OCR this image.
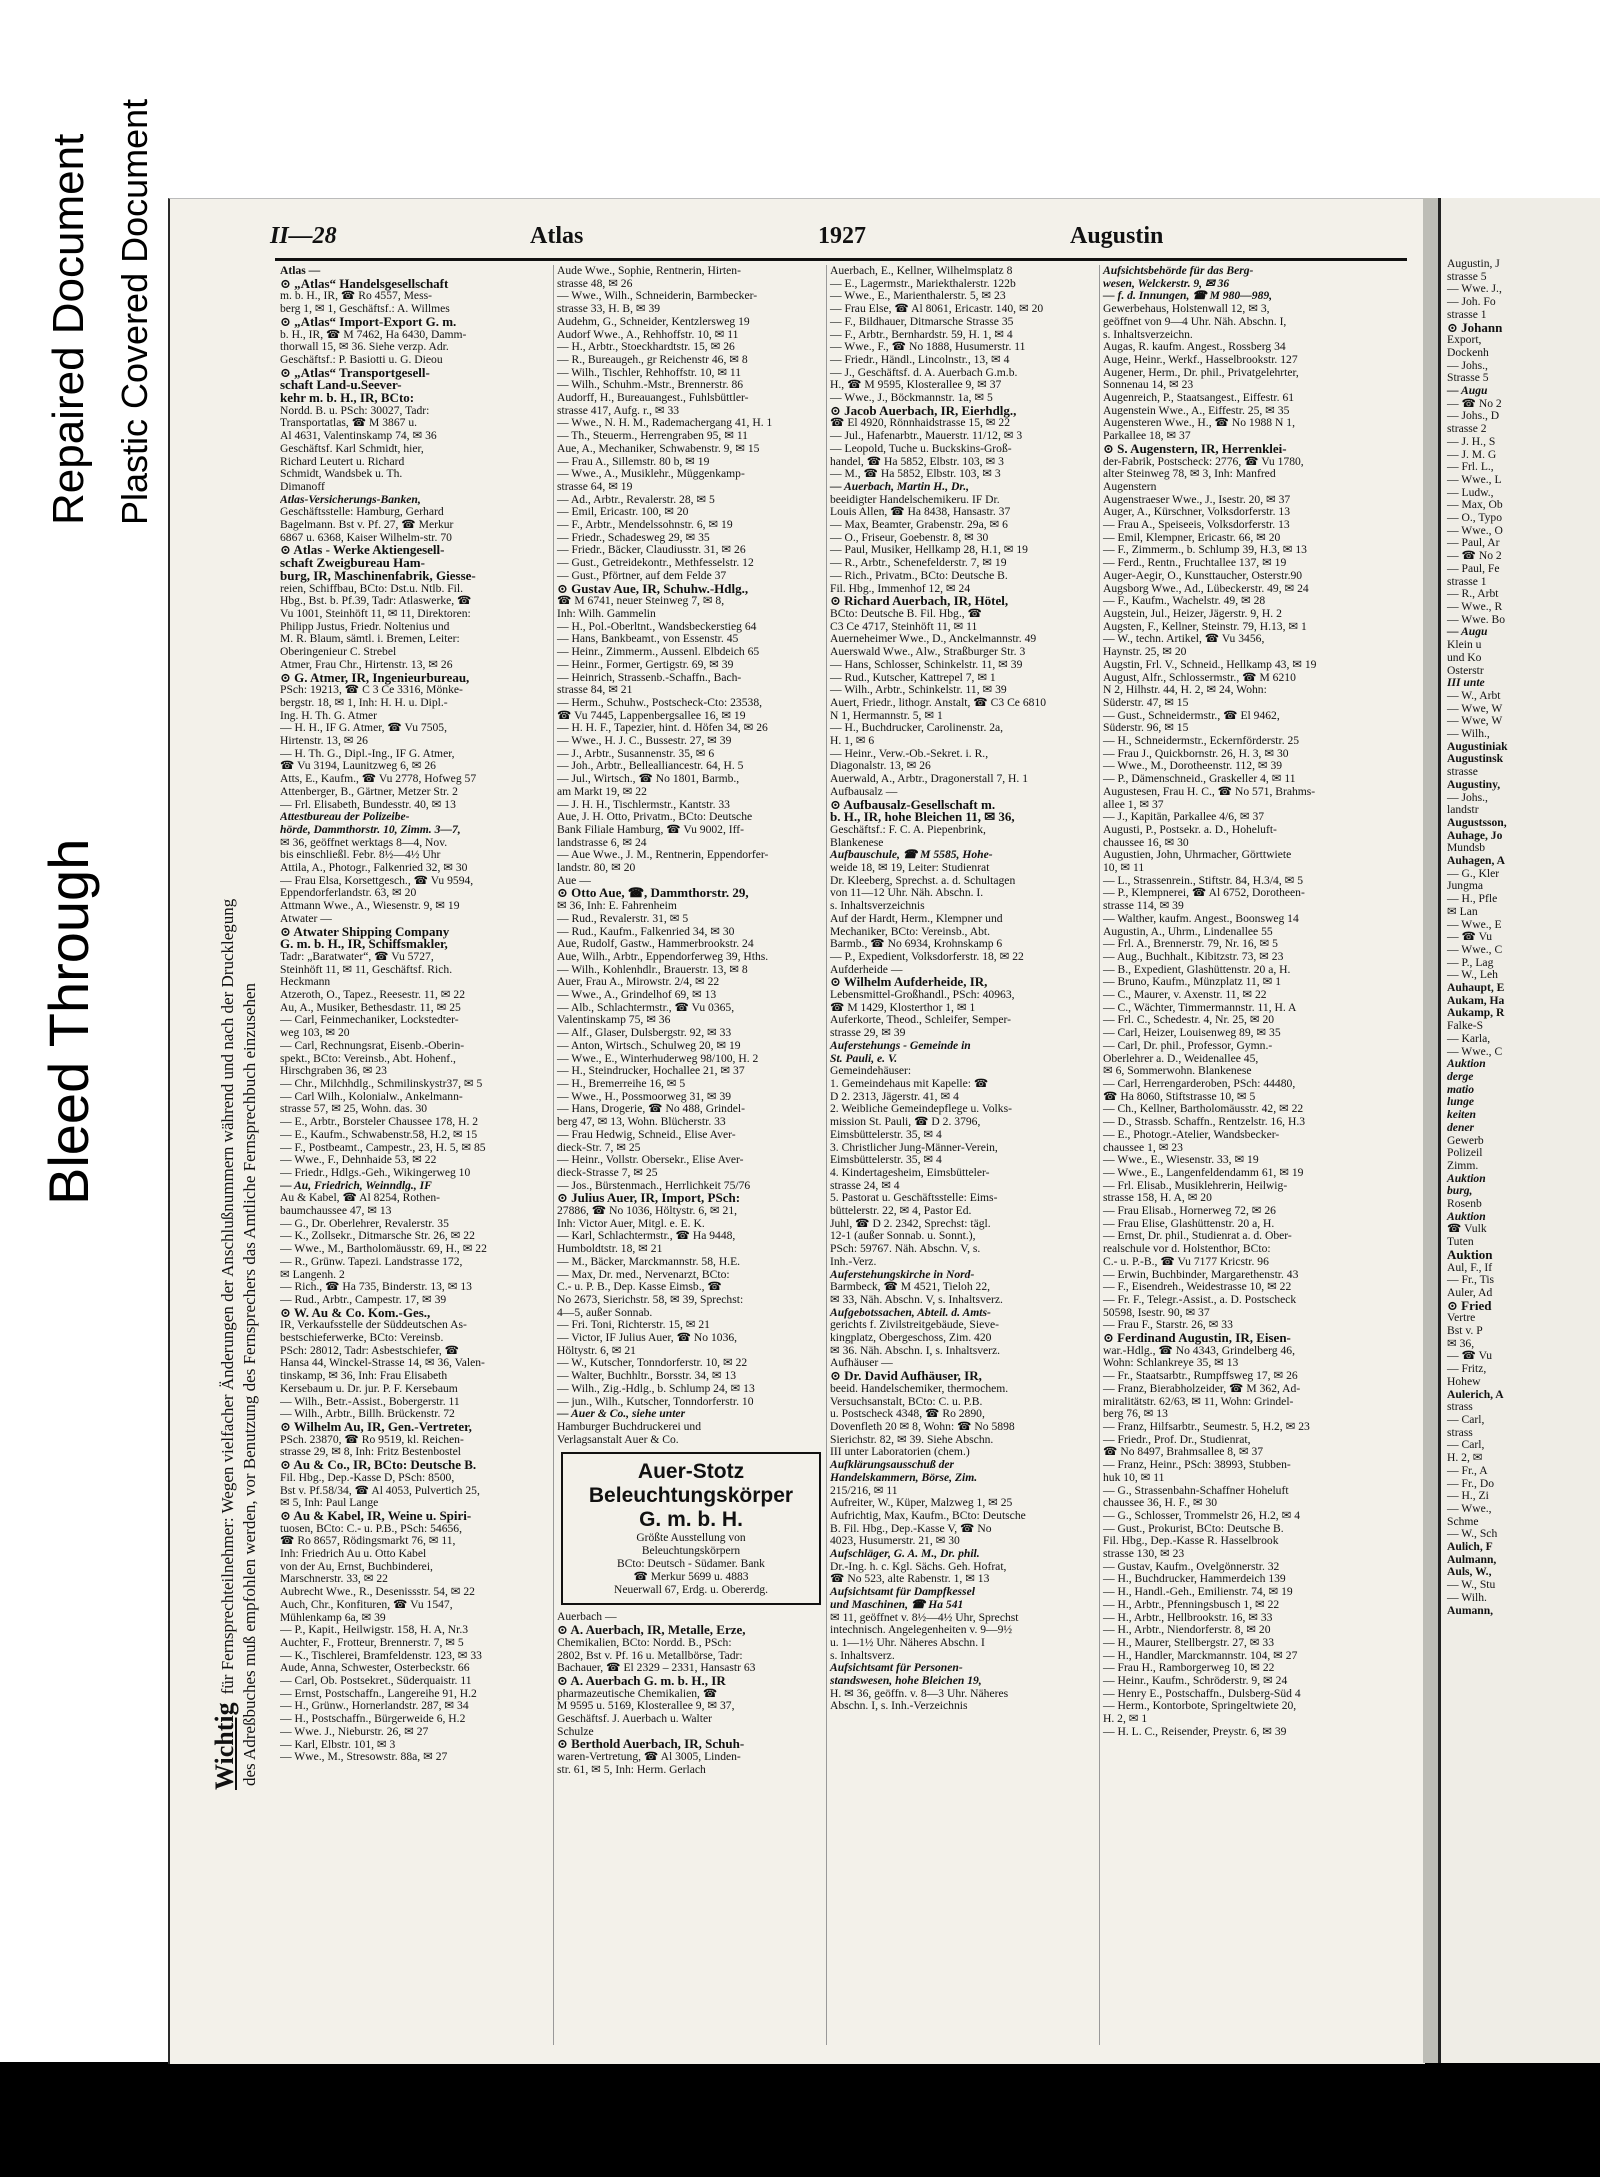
Bleed Through
Repaired Document Plastic Covered Document	Augustin, J
strasse 5
— Wwe. J.,
— Joh. Fo
strasse 1
⊙ Johann
Export,
Dockenh
— Johs.,
Strasse 5
— Augu
— ☎ No 2
— Johs., D
strasse 2
— J. H., S
— J. M. G
— Frl. L.,
— Wwe., L
— Ludw.,
— Max, Ob
— O., Typo
— Wwe., O
— Paul, Ar
— ☎ No 2
— Paul, Fe
strasse 1
— R., Arbt
— Wwe., R
— Wwe. Bo
— Augu
Klein u
und Ko
Osterstr
III unte
— W., Arbt
— Wwe, W
— Wwe, W
— Wilh.,
Augustiniak
Augustinsk
strasse
Augustiny,
— Johs.,
landstr
Augustsson,
Auhage, Jo
Mundsb
Auhagen, A
— G., Kler
Jungma
— H., Pfle
✉ Lan
— Wwe., E
— ☎ Vu
— Wwe., C
— P., Lag
— W., Leh
Auhaupt, E
Aukam, Ha
Aukamp, R
Falke-S
— Karla,
— Wwe., C
Auktion
derge
matio
lunge
keiten
dener
Gewerb
Polizeil
Zimm.
Auktion
burg,
Rosenb
Auktion
☎ Vulk
Tuten
Auktion
Aul, F., If
— Fr., Tis
Auler, Ad
⊙ Fried
Vertre
Bst v. P
✉ 36,
— ☎ Vu
— Fritz,
Hohew
Aulerich, A
strass
— Carl,
strass
— Carl,
H. 2, ✉
— Fr., A
— Fr., Do
— H., Zi
— Wwe.,
Schme
— W., Sch
Aulich, F
Aulmann,
Auls, W.,
— W., Stu
— Wilh.
Aumann,
Wichtigfür Fernsprechteilnehmer: Wegen vielfacher Änderungen der Anschlußnummern während und nach der Drucklegung des Adreßbuches muß empfohlen werden, vor Benutzung des Fernsprechers das Amtliche Fernsprechbuch einzusehen
II—28	Atlas	1927	Augustin
Atlas —
⊙ „Atlas“ Handelsgesellschaft
m. b. H., IR, ☎ Ro 4557, Mess-
berg 1, ✉ 1, Geschäftsf.: A. Willmes
⊙ „Atlas“ Import-Export G. m.
b. H., IR, ☎ M 7462, Ha 6430, Damm-
thorwall 15, ✉ 36. Siehe verzp. Adr.
Geschäftsf.: P. Basiotti u. G. Dieou
⊙ „Atlas“ Transportgesell-
schaft Land-u.Seever-
kehr m. b. H., IR, BCto:
Nordd. B. u. PSch: 30027, Tadr:
Transportatlas, ☎ M 3867 u.
Al 4631, Valentinskamp 74, ✉ 36
Geschäftsf. Karl Schmidt, hier,
Richard Leutert u. Richard
Schmidt, Wandsbek u. Th.
Dimanoff
Atlas-Versicherungs-Banken,
Geschäftsstelle: Hamburg, Gerhard
Bagelmann. Bst v. Pf. 27, ☎ Merkur
6867 u. 6368, Kaiser Wilhelm-str. 70
⊙ Atlas - Werke Aktiengesell-
schaft Zweigbureau Ham-
burg, IR, Maschinenfabrik, Giesse-
reien, Schiffbau, BCto: Dst.u. Ntlb. Fil.
Hbg., Bst. b. Pf.39, Tadr: Atlaswerke, ☎
Vu 1001, Steinhöft 11, ✉ 11, Direktoren:
Philipp Justus, Friedr. Noltenius und
M. R. Blaum, sämtl. i. Bremen, Leiter:
Oberingenieur C. Strebel
Atmer, Frau Chr., Hirtenstr. 13, ✉ 26
⊙ G. Atmer, IR, Ingenieurbureau,
PSch: 19213, ☎ C 3 Ce 3316, Mönke-
bergstr. 18, ✉ 1, Inh: H. H. u. Dipl.-
Ing. H. Th. G. Atmer
— H. H., IF G. Atmer, ☎ Vu 7505,
Hirtenstr. 13, ✉ 26
— H. Th. G., Dipl.-Ing., IF G. Atmer,
☎ Vu 3194, Launitzweg 6, ✉ 26
Atts, E., Kaufm., ☎ Vu 2778, Hofweg 57
Attenberger, B., Gärtner, Metzer Str. 2
— Frl. Elisabeth, Bundesstr. 40, ✉ 13
Attestbureau der Polizeibe-
hörde, Dammthorstr. 10, Zimm. 3—7,
✉ 36, geöffnet werktags 8—4, Nov.
bis einschließl. Febr. 8½—4½ Uhr
Attila, A., Photogr., Falkenried 32, ✉ 30
— Frau Elsa, Korsettgesch., ☎ Vu 9594,
Eppendorferlandstr. 63, ✉ 20
Attmann Wwe., A., Wiesenstr. 9, ✉ 19
Atwater —
⊙ Atwater Shipping Company
G. m. b. H., IR, Schiffsmakler,
Tadr: „Baratwater“, ☎ Vu 5727,
Steinhöft 11, ✉ 11, Geschäftsf. Rich.
Heckmann
Atzeroth, O., Tapez., Reesestr. 11, ✉ 22
Au, A., Musiker, Bethesdastr. 11, ✉ 25
— Carl, Feinmechaniker, Lockstedter-
weg 103, ✉ 20
— Carl, Rechnungsrat, Eisenb.-Oberin-
spekt., BCto: Vereinsb., Abt. Hohenf.,
Hirschgraben 36, ✉ 23
— Chr., Milchhdlg., Schmilinskystr37, ✉ 5
— Carl Wilh., Kolonialw., Ankelmann-
strasse 57, ✉ 25, Wohn. das. 30
— E., Arbtr., Borsteler Chaussee 178, H. 2
— E., Kaufm., Schwabenstr.58, H.2, ✉ 15
— F., Postbeamt., Campestr., 23, H. 5, ✉ 85
— Wwe., F., Dehnhaide 53, ✉ 22
— Friedr., Hdlgs.-Geh., Wikingerweg 10
— Au, Friedrich, Weinndlg., IF
Au & Kabel, ☎ Al 8254, Rothen-
baumchaussee 47, ✉ 13
— G., Dr. Oberlehrer, Revalerstr. 35
— K., Zollsekr., Ditmarsche Str. 26, ✉ 22
— Wwe., M., Bartholomäusstr. 69, H., ✉ 22
— R., Grünw. Tapezi. Landstrasse 172,
✉ Langenh. 2
— Rich., ☎ Ha 735, Binderstr. 13, ✉ 13
— Rud., Arbtr., Campestr. 17, ✉ 39
⊙ W. Au & Co. Kom.-Ges.,
IR, Verkaufsstelle der Süddeutschen As-
bestschieferwerke, BCto: Vereinsb.
PSch: 28012, Tadr: Asbestschiefer, ☎
Hansa 44, Winckel-Strasse 14, ✉ 36, Valen-
tinskamp, ✉ 36, Inh: Frau Elisabeth
Kersebaum u. Dr. jur. P. F. Kersebaum
— Wilh., Betr.-Assist., Bobergerstr. 11
— Wilh., Arbtr., Billh. Brückenstr. 72
⊙ Wilhelm Au, IR, Gen.-Vertreter,
PSch. 23870, ☎ Ro 9519, kl. Reichen-
strasse 29, ✉ 8, Inh: Fritz Bestenbostel
⊙ Au & Co., IR, BCto: Deutsche B.
Fil. Hbg., Dep.-Kasse D, PSch: 8500,
Bst v. Pf.58/34, ☎ Al 4053, Pulvertich 25,
✉ 5, Inh: Paul Lange
⊙ Au & Kabel, IR, Weine u. Spiri-
tuosen, BCto: C.- u. P.B., PSch: 54656,
☎ Ro 8657, Rödingsmarkt 76, ✉ 11,
Inh: Friedrich Au u. Otto Kabel
von der Au, Ernst, Buchbinderei,
Marschnerstr. 33, ✉ 22
Aubrecht Wwe., R., Desenissstr. 54, ✉ 22
Auch, Chr., Konfituren, ☎ Vu 1547,
Mühlenkamp 6a, ✉ 39
— P., Kapit., Heilwigstr. 158, H. A, Nr.3
Auchter, F., Frotteur, Brennerstr. 7, ✉ 5
— K., Tischlerei, Bramfeldenstr. 123, ✉ 33
Aude, Anna, Schwester, Osterbeckstr. 66
— Carl, Ob. Postsekret., Süderquaistr. 11
— Ernst, Postschaffn., Langereihe 91, H.2
— H., Grünw., Hornerlandstr. 287, ✉ 34
— H., Postschaffn., Bürgerweide 6, H.2
— Wwe. J., Nieburstr. 26, ✉ 27
— Karl, Elbstr. 101, ✉ 3
— Wwe., M., Stresowstr. 88a, ✉ 27
Aude Wwe., Sophie, Rentnerin, Hirten-
strasse 48, ✉ 26
— Wwe., Wilh., Schneiderin, Barmbecker-
strasse 33, H. B, ✉ 39
Audehm, G., Schneider, Kentzlersweg 19
Audorf Wwe., A., Rehhoffstr. 10, ✉ 11
— H., Arbtr., Stoeckhardtstr. 15, ✉ 26
— R., Bureaugeh., gr Reichenstr 46, ✉ 8
— Wilh., Tischler, Rehhoffstr. 10, ✉ 11
— Wilh., Schuhm.-Mstr., Brennerstr. 86
Audorff, H., Bureauangest., Fuhlsbüttler-
strasse 417, Aufg. r., ✉ 33
— Wwe., N. H. M., Rademachergang 41, H. 1
— Th., Steuerm., Herrengraben 95, ✉ 11
Aue, A., Mechaniker, Schwabenstr. 9, ✉ 15
— Frau A., Sillemstr. 80 b, ✉ 19
— Wwe., A., Musiklehr., Müggenkamp-
strasse 64, ✉ 19
— Ad., Arbtr., Revalerstr. 28, ✉ 5
— Emil, Ericastr. 100, ✉ 20
— F., Arbtr., Mendelssohnstr. 6, ✉ 19
— Friedr., Schadesweg 29, ✉ 35
— Friedr., Bäcker, Claudiusstr. 31, ✉ 26
— Gust., Getreidekontr., Methfesselstr. 12
— Gust., Pförtner, auf dem Felde 37
⊙ Gustav Aue, IR, Schuhw.-Hdlg.,
☎ M 6741, neuer Steinweg 7, ✉ 8,
Inh: Wilh. Gammelin
— H., Pol.-Oberltnt., Wandsbeckerstieg 64
— Hans, Bankbeamt., von Essenstr. 45
— Heinr., Zimmerm., Aussenl. Elbdeich 65
— Heinr., Former, Gertigstr. 69, ✉ 39
— Heinrich, Strassenb.-Schaffn., Bach-
strasse 84, ✉ 21
— Herm., Schuhw., Postscheck-Cto: 23538,
☎ Vu 7445, Lappenbergsallee 16, ✉ 19
— H. H. F., Tapezier, hint. d. Höfen 34, ✉ 26
— Wwe., H. J. C., Bussestr. 27, ✉ 39
— J., Arbtr., Susannenstr. 35, ✉ 6
— Joh., Arbtr., Bellealliancestr. 64, H. 5
— Jul., Wirtsch., ☎ No 1801, Barmb.,
am Markt 19, ✉ 22
— J. H. H., Tischlermstr., Kantstr. 33
Aue, J. H. Otto, Privatm., BCto: Deutsche
Bank Filiale Hamburg, ☎ Vu 9002, Iff-
landstrasse 6, ✉ 24
— Aue Wwe., J. M., Rentnerin, Eppendorfer-
landstr. 80, ✉ 20
Aue —
⊙ Otto Aue, ☎, Dammthorstr. 29,
✉ 36, Inh: E. Fahrenheim
— Rud., Revalerstr. 31, ✉ 5
— Rud., Kaufm., Falkenried 34, ✉ 30
Aue, Rudolf, Gastw., Hammerbrookstr. 24
Aue, Wilh., Arbtr., Eppendorferweg 39, Hths.
— Wilh., Kohlenhdlr., Brauerstr. 13, ✉ 8
Auer, Frau A., Mirowstr. 2/4, ✉ 22
— Wwe., A., Grindelhof 69, ✉ 13
— Alb., Schlachtermstr., ☎ Vu 0365,
Valentinskamp 75, ✉ 36
— Alf., Glaser, Dulsbergstr. 92, ✉ 33
— Anton, Wirtsch., Schulweg 20, ✉ 19
— Wwe., E., Winterhuderweg 98/100, H. 2
— H., Steindrucker, Hochallee 21, ✉ 37
— H., Bremerreihe 16, ✉ 5
— Wwe., H., Possmoorweg 31, ✉ 39
— Hans, Drogerie, ☎ No 488, Grindel-
berg 47, ✉ 13, Wohn. Blücherstr. 33
— Frau Hedwig, Schneid., Elise Aver-
dieck-Str. 7, ✉ 25
— Heinr., Vollstr. Obersekr., Elise Aver-
dieck-Strasse 7, ✉ 25
— Jos., Bürstenmach., Herrlichkeit 75/76
⊙ Julius Auer, IR, Import, PSch:
27886, ☎ No 1036, Höltystr. 6, ✉ 21,
Inh: Victor Auer, Mitgl. e. E. K.
— Karl, Schlachtermstr., ☎ Ha 9448,
Humboldtstr. 18, ✉ 21
— M., Bäcker, Marckmannstr. 58, H.E.
— Max, Dr. med., Nervenarzt, BCto:
C.- u. P. B., Dep. Kasse Eimsb., ☎
No 2673, Sierichstr. 58, ✉ 39, Sprechst:
4—5, außer Sonnab.
— Fri. Toni, Richterstr. 15, ✉ 21
— Victor, IF Julius Auer, ☎ No 1036,
Höltystr. 6, ✉ 21
— W., Kutscher, Tonndorferstr. 10, ✉ 22
— Walter, Buchhltr., Borsstr. 34, ✉ 13
— Wilh., Zig.-Hdlg., b. Schlump 24, ✉ 13
— jun., Wilh., Kutscher, Tonndorferstr. 10
— Auer & Co., siehe unter
Hamburger Buchdruckerei und
Verlagsanstalt Auer & Co.
Auer-Stotz
Beleuchtungskörper
G. m. b. H.
Größte Ausstellung von
Beleuchtungskörpern
BCto: Deutsch - Südamer. Bank
☎ Merkur 5699 u. 4883
Neuerwall 67, Erdg. u. Obererdg.
Auerbach —
⊙ A. Auerbach, IR, Metalle, Erze,
Chemikalien, BCto: Nordd. B., PSch:
2802, Bst v. Pf. 16 u. Metallbörse, Tadr:
Bachauer, ☎ El 2329 – 2331, Hansastr 63
⊙ A. Auerbach G. m. b. H., IR
pharmazeutische Chemikalien, ☎
M 9595 u. 5169, Klosterallee 9, ✉ 37,
Geschäftsf. J. Auerbach u. Walter
Schulze
⊙ Berthold Auerbach, IR, Schuh-
waren-Vertretung, ☎ Al 3005, Linden-
str. 61, ✉ 5, Inh: Herm. Gerlach
Auerbach, E., Kellner, Wilhelmsplatz 8
— E., Lagermstr., Mariekthalerstr. 122b
— Wwe., E., Marienthalerstr. 5, ✉ 23
— Frau Else, ☎ Al 8061, Ericastr. 140, ✉ 20
— F., Bildhauer, Ditmarsche Strasse 35
— F., Arbtr., Bernhardstr. 59, H. 1, ✉ 4
— Wwe., F., ☎ No 1888, Husumerstr. 11
— Friedr., Händl., Lincolnstr., 13, ✉ 4
— J., Geschäftsf. d. A. Auerbach G.m.b.
H., ☎ M 9595, Klosterallee 9, ✉ 37
— Wwe., J., Böckmannstr. 1a, ✉ 5
⊙ Jacob Auerbach, IR, Eierhdlg.,
☎ El 4920, Rönnhaidstrasse 15, ✉ 22
— Jul., Hafenarbtr., Mauerstr. 11/12, ✉ 3
— Leopold, Tuche u. Buckskins-Groß-
handel, ☎ Ha 5852, Elbstr. 103, ✉ 3
— M., ☎ Ha 5852, Elbstr. 103, ✉ 3
— Auerbach, Martin H., Dr.,
beeidigter Handelschemikeru. IF Dr.
Louis Allen, ☎ Ha 8438, Hansastr. 37
— Max, Beamter, Grabenstr. 29a, ✉ 6
— O., Friseur, Goebenstr. 8, ✉ 30
— Paul, Musiker, Hellkamp 28, H.1, ✉ 19
— R., Arbtr., Schenefelderstr. 7, ✉ 19
— Rich., Privatm., BCto: Deutsche B.
Fil. Hbg., Immenhof 12, ✉ 24
⊙ Richard Auerbach, IR, Hötel,
BCto: Deutsche B. Fil. Hbg., ☎
C3 Ce 4717, Steinhöft 11, ✉ 11
Auerneheimer Wwe., D., Anckelmannstr. 49
Auerswald Wwe., Alw., Straßburger Str. 3
— Hans, Schlosser, Schinkelstr. 11, ✉ 39
— Rud., Kutscher, Kattrepel 7, ✉ 1
— Wilh., Arbtr., Schinkelstr. 11, ✉ 39
Auert, Friedr., lithogr. Anstalt, ☎ C3 Ce 6810
N 1, Hermannstr. 5, ✉ 1
— H., Buchdrucker, Carolinenstr. 2a,
H. 1, ✉ 6
— Heinr., Verw.-Ob.-Sekret. i. R.,
Diagonalstr. 13, ✉ 26
Auerwald, A., Arbtr., Dragonerstall 7, H. 1
Aufbausalz —
⊙ Aufbausalz-Gesellschaft m.
b. H., IR, hohe Bleichen 11, ✉ 36,
Geschäftsf.: F. C. A. Piepenbrink,
Blankenese
Aufbauschule, ☎ M 5585, Hohe-
weide 18, ✉ 19, Leiter: Studienrat
Dr. Kleeberg, Sprechst. a. d. Schultagen
von 11—12 Uhr. Näh. Abschn. I.
s. Inhaltsverzeichnis
Auf der Hardt, Herm., Klempner und
Mechaniker, BCto: Vereinsb., Abt.
Barmb., ☎ No 6934, Krohnskamp 6
— P., Expedient, Volksdorferstr. 18, ✉ 22
Aufderheide —
⊙ Wilhelm Aufderheide, IR,
Lebensmittel-Großhandl., PSch: 40963,
☎ M 1429, Klosterthor 1, ✉ 1
Auferkorte, Theod., Schleifer, Semper-
strasse 29, ✉ 39
Auferstehungs - Gemeinde in
St. Pauli, e. V.
Gemeindehäuser:
1. Gemeindehaus mit Kapelle: ☎
D 2. 2313, Jägerstr. 41, ✉ 4
2. Weibliche Gemeindepflege u. Volks-
mission St. Pauli, ☎ D 2. 3796,
Eimsbüttelerstr. 35, ✉ 4
3. Christlicher Jung-Männer-Verein,
Eimsbüttelerstr. 35, ✉ 4
4. Kindertagesheim, Eimsbütteler-
strasse 24, ✉ 4
5. Pastorat u. Geschäftsstelle: Eims-
büttelerstr. 22, ✉ 4, Pastor Ed.
Juhl, ☎ D 2. 2342, Sprechst: tägl.
12-1 (außer Sonnab. u. Sonnt.),
PSch: 59767. Näh. Abschn. V, s.
Inh.-Verz.
Auferstehungskirche in Nord-
Barmbeck, ☎ M 4521, Tieloh 22,
✉ 33, Näh. Abschn. V, s. Inhaltsverz.
Aufgebotssachen, Abteil. d. Amts-
gerichts f. Zivilstreitgebäude, Sieve-
kingplatz, Obergeschoss, Zim. 420
✉ 36. Näh. Abschn. I, s. Inhaltsverz.
Aufhäuser —
⊙ Dr. David Aufhäuser, IR,
beeid. Handelschemiker, thermochem.
Versuchsanstalt, BCto: C. u. P.B.
u. Postscheck 4348, ☎ Ro 2890,
Dovenfleth 20 ✉ 8, Wohn: ☎ No 5898
Sierichstr. 82, ✉ 39. Siehe Abschn.
III unter Laboratorien (chem.)
Aufklärungsausschuß der
Handelskammern, Börse, Zim.
215/216, ✉ 11
Aufreiter, W., Küper, Malzweg 1, ✉ 25
Aufrichtig, Max, Kaufm., BCto: Deutsche
B. Fil. Hbg., Dep.-Kasse V, ☎ No
4023, Husumerstr. 21, ✉ 30
Aufschläger, G. A. M., Dr. phil.
Dr.-Ing. h. c. Kgl. Sächs. Geh. Hofrat,
☎ No 523, alte Rabenstr. 1, ✉ 13
Aufsichtsamt für Dampfkessel
und Maschinen, ☎ Ha 541
✉ 11, geöffnet v. 8½—4½ Uhr, Sprechst
intechnisch. Angelegenheiten v. 9—9½
u. 1—1½ Uhr. Näheres Abschn. I
s. Inhaltsverz.
Aufsichtsamt für Personen-
standswesen, hohe Bleichen 19,
H. ✉ 36, geöffn. v. 8—3 Uhr. Näheres
Abschn. I, s. Inh.-Verzeichnis
Aufsichtsbehörde für das Berg-
wesen, Welckerstr. 9, ✉ 36
— f. d. Innungen, ☎ M 980—989,
Gewerbehaus, Holstenwall 12, ✉ 3,
geöffnet von 9—4 Uhr. Näh. Abschn. I,
s. Inhaltsverzeichn.
Augas, R. kaufm. Angest., Rossberg 34
Auge, Heinr., Werkf., Hasselbrookstr. 127
Augener, Herm., Dr. phil., Privatgelehrter,
Sonnenau 14, ✉ 23
Augenreich, P., Staatsangest., Eiffestr. 61
Augenstein Wwe., A., Eiffestr. 25, ✉ 35
Augensteren Wwe., H., ☎ No 1988 N 1,
Parkallee 18, ✉ 37
⊙ S. Augenstern, IR, Herrenklei-
der-Fabrik, Postscheck: 2776, ☎ Vu 1780,
alter Steinweg 78, ✉ 3, Inh: Manfred
Augenstern
Augenstraeser Wwe., J., Isestr. 20, ✉ 37
Auger, A., Kürschner, Volksdorferstr. 13
— Frau A., Speiseeis, Volksdorferstr. 13
— Emil, Klempner, Ericastr. 66, ✉ 20
— F., Zimmerm., b. Schlump 39, H.3, ✉ 13
— Ferd., Rentn., Fruchtallee 137, ✉ 19
Auger-Aegir, O., Kunsttaucher, Osterstr.90
Augsborg Wwe., Ad., Lübeckerstr. 49, ✉ 24
— F., Kaufm., Wachelstr. 49, ✉ 28
Augstein, Jul., Heizer, Jägerstr. 9, H. 2
Augsten, F., Kellner, Steinstr. 79, H.13, ✉ 1
— W., techn. Artikel, ☎ Vu 3456,
Haynstr. 25, ✉ 20
Augstin, Frl. V., Schneid., Hellkamp 43, ✉ 19
August, Alfr., Schlossermstr., ☎ M 6210
N 2, Hilhstr. 44, H. 2, ✉ 24, Wohn:
Süderstr. 47, ✉ 15
— Gust., Schneidermstr., ☎ El 9462,
Süderstr. 96, ✉ 15
— H., Schneidermstr., Eckernförderstr. 25
— Frau J., Quickbornstr. 26, H. 3, ✉ 30
— Wwe., M., Dorotheenstr. 112, ✉ 39
— P., Dämenschneid., Graskeller 4, ✉ 11
Augustesen, Frau H. C., ☎ No 571, Brahms-
allee 1, ✉ 37
— J., Kapitän, Parkallee 4/6, ✉ 37
Augusti, P., Postsekr. a. D., Hoheluft-
chaussee 16, ✉ 30
Augustien, John, Uhrmacher, Görttwiete
10, ✉ 11
— L., Strassenrein., Stiftstr. 84, H.3/4, ✉ 5
— P., Klempnerei, ☎ Al 6752, Dorotheen-
strasse 114, ✉ 39
— Walther, kaufm. Angest., Boonsweg 14
Augustin, A., Uhrm., Lindenallee 55
— Frl. A., Brennerstr. 79, Nr. 16, ✉ 5
— Aug., Buchhalt., Kibitzstr. 73, ✉ 23
— B., Expedient, Glashüttenstr. 20 a, H.
— Bruno, Kaufm., Münzplatz 11, ✉ 1
— C., Maurer, v. Axenstr. 11, ✉ 22
— C., Wächter, Timmermannstr. 11, H. A
— Frl. C., Schedestr. 4, Nr. 25, ✉ 20
— Carl, Heizer, Louisenweg 89, ✉ 35
— Carl, Dr. phil., Professor, Gymn.-
Oberlehrer a. D., Weidenallee 45,
✉ 6, Sommerwohn. Blankenese
— Carl, Herrengarderoben, PSch: 44480,
☎ Ha 8060, Stiftstrasse 10, ✉ 5
— Ch., Kellner, Bartholomäusstr. 42, ✉ 22
— D., Strassb. Schaffn., Rentzelstr. 16, H.3
— E., Photogr.-Atelier, Wandsbecker-
chaussee 1, ✉ 23
— Wwe., E., Wiesenstr. 33, ✉ 19
— Wwe., E., Langenfeldendamm 61, ✉ 19
— Frl. Elisab., Musiklehrerin, Heilwig-
strasse 158, H. A, ✉ 20
— Frau Elisab., Hornerweg 72, ✉ 26
— Frau Elise, Glashüttenstr. 20 a, H.
— Ernst, Dr. phil., Studienrat a. d. Ober-
realschule vor d. Holstenthor, BCto:
C.- u. P.-B., ☎ Vu 7177 Kricstr. 96
— Erwin, Buchbinder, Margarethenstr. 43
— F., Eisendreh., Weidestrasse 10, ✉ 22
— Fr. F., Telegr.-Assist., a. D. Postscheck
50598, Isestr. 90, ✉ 37
— Frau F., Starstr. 26, ✉ 33
⊙ Ferdinand Augustin, IR, Eisen-
war.-Hdlg., ☎ No 4343, Grindelberg 46,
Wohn: Schlankreye 35, ✉ 13
— Fr., Staatsarbtr., Rumpffsweg 17, ✉ 26
— Franz, Bierabholzeider, ☎ M 362, Ad-
miralitätstr. 62/63, ✉ 11, Wohn: Grindel-
berg 76, ✉ 13
— Franz, Hilfsarbtr., Seumestr. 5, H.2, ✉ 23
— Friedr., Prof. Dr., Studienrat,
☎ No 8497, Brahmsallee 8, ✉ 37
— Franz, Heinr., PSch: 38993, Stubben-
huk 10, ✉ 11
— G., Strassenbahn-Schaffner Hoheluft
chaussee 36, H. F., ✉ 30
— G., Schlosser, Trommelstr 26, H.2, ✉ 4
— Gust., Prokurist, BCto: Deutsche B.
Fil. Hbg., Dep.-Kasse R. Hasselbrook
strasse 130, ✉ 23
— Gustav, Kaufm., Ovelgönnerstr. 32
— H., Buchdrucker, Hammerdeich 139
— H., Handl.-Geh., Emilienstr. 74, ✉ 19
— H., Arbtr., Pfenningsbusch 1, ✉ 22
— H., Arbtr., Hellbrookstr. 16, ✉ 33
— H., Arbtr., Niendorferstr. 8, ✉ 20
— H., Maurer, Stellbergstr. 27, ✉ 33
— H., Handler, Marckmannstr. 104, ✉ 27
— Frau H., Ramborgerweg 10, ✉ 22
— Heinr., Kaufm., Schröderstr. 9, ✉ 24
— Henry E., Postschaffn., Dulsberg-Süd 4
— Herm., Kontorbote, Springeltwiete 20,
H. 2, ✉ 1
— H. L. C., Reisender, Preystr. 6, ✉ 39
